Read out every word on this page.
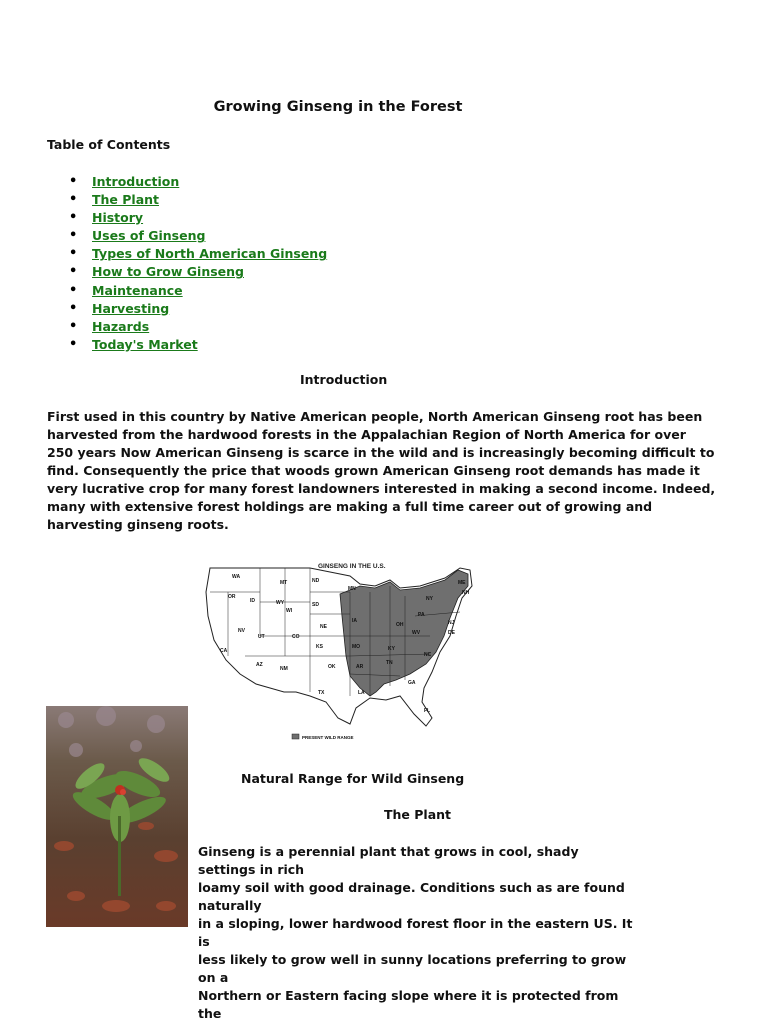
Growing Ginseng in the Forest
Table of Contents
• Introduction
• The Plant
• History
• Uses of Ginseng
• Types of North American Ginseng
• How to Grow Ginseng
• Maintenance
• Harvesting
• Hazards
• Today's Market
Introduction
First used in this country by Native American people, North American Ginseng root has been
harvested from the hardwood forests in the Appalachian Region of North America for over
250 years Now American Ginseng is scarce in the wild and is increasingly becoming difficult to
find. Consequently the price that woods grown American Ginseng root demands has made it
very lucrative crop for many forest landowners interested in making a second income. Indeed,
many with extensive forest holdings are making a full time career out of growing and
harvesting ginseng roots.
GINSENG IN THE U.S.
WA
OR
MT	ND
MN
SD
WI
NE
IA
KS	MO
OK	AR
TX	LA
NV
CA
UT	CO
AZ
NM
ID	WY
ME
NH
NY
PA
NJ
DE
OH
WV
KY
TN
NC
GA
FL
PRESENT WILD RANGE
Natural Range for Wild Ginseng
The Plant
Ginseng is a perennial plant that grows in cool, shady settings in rich
loamy soil with good drainage. Conditions such as are found naturally
in a sloping, lower hardwood forest floor in the eastern US. It is
less likely to grow well in sunny locations preferring to grow on a
Northern or Eastern facing slope where it is protected from the
